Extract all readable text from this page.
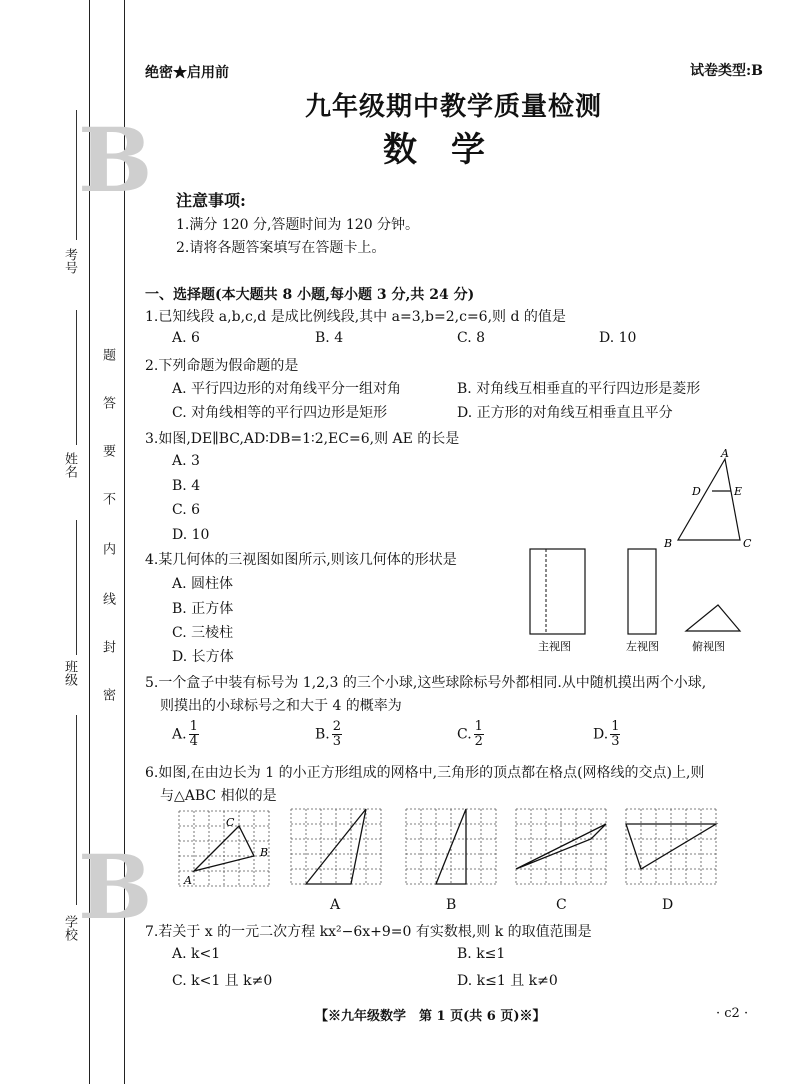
B
B
考号
姓名
班级
学校
题
答
要
不
内
线
封
密
绝密★启用前	试卷类型:B
九年级期中教学质量检测
数　学
注意事项:
1.满分 120 分,答题时间为 120 分钟。
2.请将各题答案填写在答题卡上。
一、选择题(本大题共 8 小题,每小题 3 分,共 24 分)
1.已知线段 a,b,c,d 是成比例线段,其中 a=3,b=2,c=6,则 d 的值是
A. 6	B. 4	C. 8	D. 10
2.下列命题为假命题的是
A. 平行四边形的对角线平分一组对角	B. 对角线互相垂直的平行四边形是菱形
C. 对角线相等的平行四边形是矩形	D. 正方形的对角线互相垂直且平分
3.如图,DE∥BC,AD∶DB=1∶2,EC=6,则 AE 的长是
A. 3
B. 4
C. 6
D. 10
A
D	E
B	C
4.某几何体的三视图如图所示,则该几何体的形状是
A. 圆柱体
B. 正方体
C. 三棱柱
D. 长方体
主视图	左视图	俯视图
5.一个盒子中装有标号为 1,2,3 的三个小球,这些球除标号外都相同.从中随机摸出两个小球,
则摸出的小球标号之和大于 4 的概率为
A. $\frac{1}{4}$	B. $\frac{2}{3}$	C. $\frac{1}{2}$	D. $\frac{1}{3}$
6.如图,在由边长为 1 的小正方形组成的网格中,三角形的顶点都在格点(网格线的交点)上,则
与△ABC 相似的是
A
C
B
A	B	C	D
7.若关于 x 的一元二次方程 kx²−6x+9=0 有实数根,则 k 的取值范围是
A. k<1	B. k≤1
C. k<1 且 k≠0	D. k≤1 且 k≠0
【※九年级数学　第 1 页(共 6 页)※】	· c2 ·
